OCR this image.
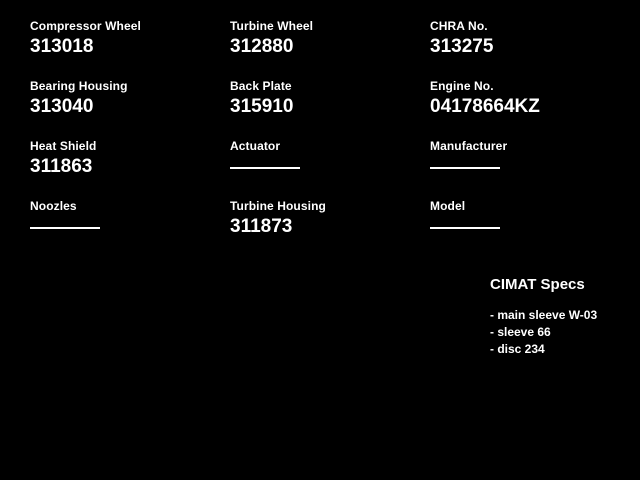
Compressor Wheel
313018
Turbine Wheel
312880
CHRA No.
313275
Bearing Housing
313040
Back Plate
315910
Engine No.
04178664KZ
Heat Shield
311863
Actuator	Manufacturer
Noozles	Turbine Housing
311873
Model
CIMAT Specs
- main sleeve W-03
- sleeve 66
- disc 234
